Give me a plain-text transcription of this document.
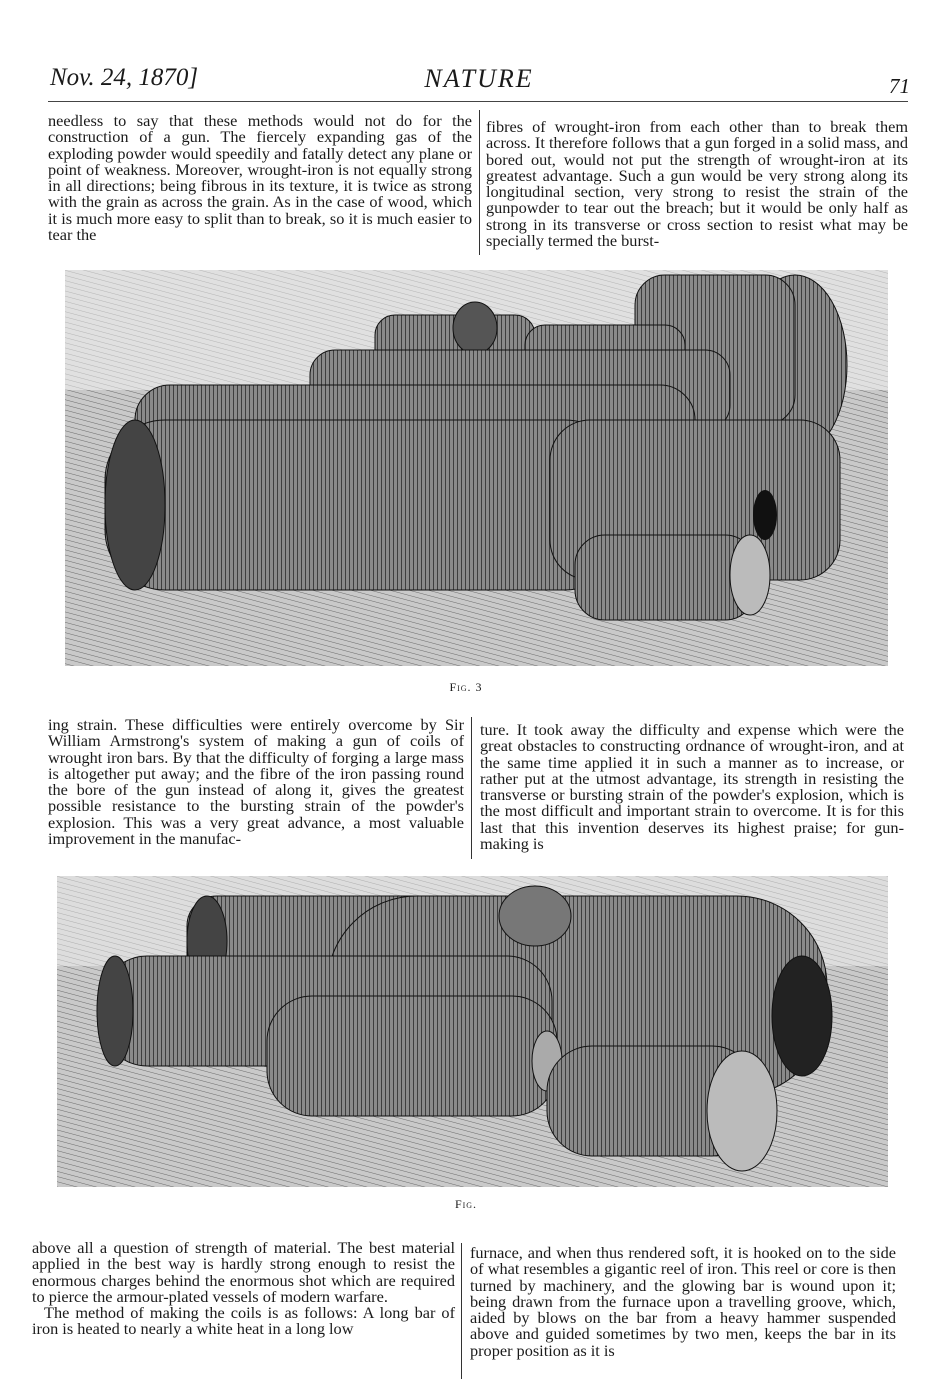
Nov. 24, 1870]	NATURE	71

needless to say that these methods would not do for the construction of a gun. The fiercely expanding gas of the exploding powder would speedily and fatally detect any plane or point of weakness. Moreover, wrought-iron is not equally strong in all directions; being fibrous in its texture, it is twice as strong with the grain as across the grain. As in the case of wood, which it is much more easy to split than to break, so it is much easier to tear the

fibres of wrought-iron from each other than to break them across. It therefore follows that a gun forged in a solid mass, and bored out, would not put the strength of wrought-iron at its greatest advantage. Such a gun would be very strong along its longitudinal section, very strong to resist the strain of the gunpowder to tear out the breach; but it would be only half as strong in its transverse or cross section to resist what may be specially termed the burst-

Fig. 3

ing strain. These difficulties were entirely overcome by Sir William Armstrong's system of making a gun of coils of wrought iron bars. By that the difficulty of forging a large mass is altogether put away; and the fibre of the iron passing round the bore of the gun instead of along it, gives the greatest possible resistance to the bursting strain of the powder's explosion. This was a very great advance, a most valuable improvement in the manufac-

ture. It took away the difficulty and expense which were the great obstacles to constructing ordnance of wrought-iron, and at the same time applied it in such a manner as to increase, or rather put at the utmost advantage, its strength in resisting the transverse or bursting strain of the powder's explosion, which is the most difficult and important strain to overcome. It is for this last that this invention deserves its highest praise; for gun-making is

Fig.

above all a question of strength of material. The best material applied in the best way is hardly strong enough to resist the enormous charges behind the enormous shot which are required to pierce the armour-plated vessels of modern warfare.

The method of making the coils is as follows: A long bar of iron is heated to nearly a white heat in a long low

furnace, and when thus rendered soft, it is hooked on to the side of what resembles a gigantic reel of iron. This reel or core is then turned by machinery, and the glowing bar is wound upon it; being drawn from the furnace upon a travelling groove, which, aided by blows on the bar from a heavy hammer suspended above and guided sometimes by two men, keeps the bar in its proper position as it is
